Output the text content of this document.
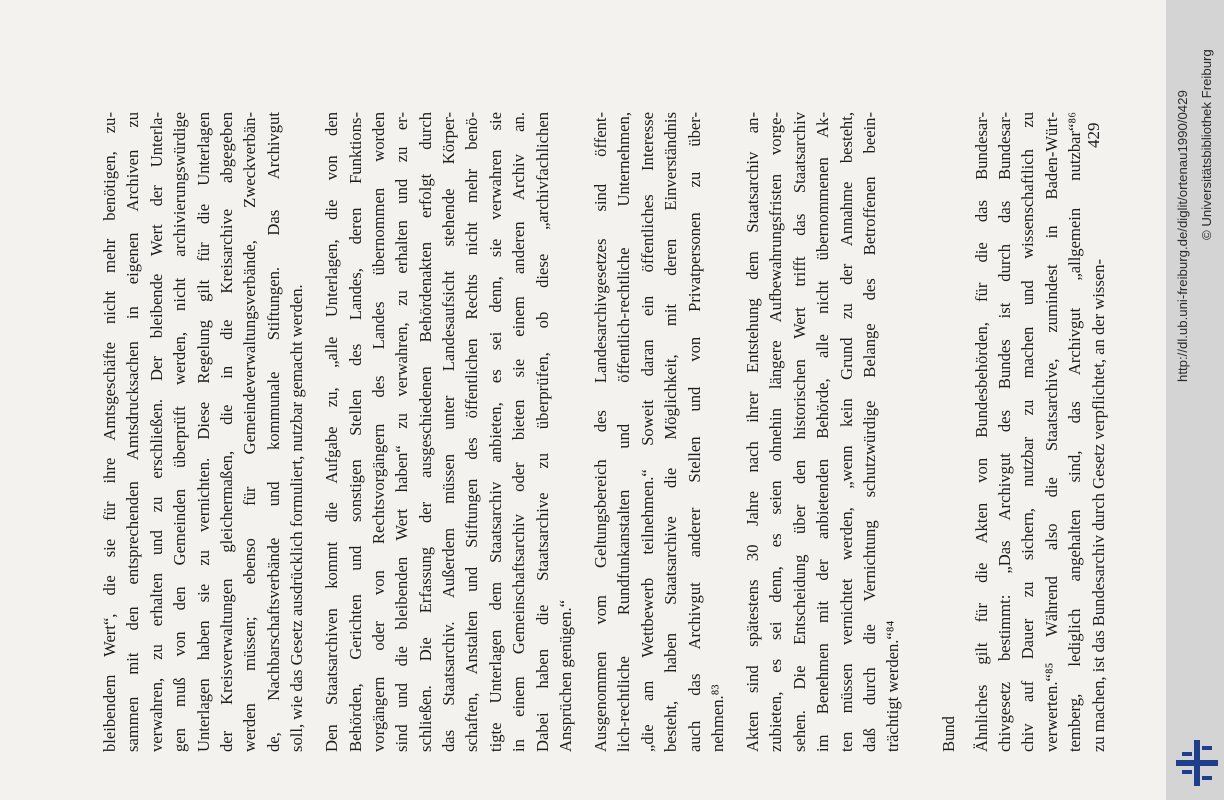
bleibendem Wert“, die sie für ihre Amtsgeschäfte nicht mehr benötigen, zu- sammen mit den entsprechenden Amtsdrucksachen in eigenen Archiven zu verwahren, zu erhalten und zu erschließen. Der bleibende Wert der Unterla- gen muß von den Gemeinden überprüft werden, nicht archivierungswürdige Unterlagen haben sie zu vernichten. Diese Regelung gilt für die Unterlagen der Kreisverwaltungen gleichermaßen, die in die Kreisarchive abgegeben werden müssen; ebenso für Gemeindeverwaltungsverbände, Zweckverbän- de, Nachbarschaftsverbände und kommunale Stiftungen. Das Archivgut soll, wie das Gesetz ausdrücklich formuliert, nutzbar gemacht werden. Den Staatsarchiven kommt die Aufgabe zu, „alle Unterlagen, die von den Behörden, Gerichten und sonstigen Stellen des Landes, deren Funktions- vorgängern oder von Rechtsvorgängern des Landes übernommen worden sind und die bleibenden Wert haben“ zu verwahren, zu erhalten und zu er- schließen. Die Erfassung der ausgeschiedenen Behördenakten erfolgt durch das Staatsarchiv. Außerdem müssen unter Landesaufsicht stehende Körper- schaften, Anstalten und Stiftungen des öffentlichen Rechts nicht mehr benö- tigte Unterlagen dem Staatsarchiv anbieten, es sei denn, sie verwahren sie in einem Gemeinschaftsarchiv oder bieten sie einem anderen Archiv an. Dabei haben die Staatsarchive zu überprüfen, ob diese „archivfachlichen Ansprüchen genügen.“ Ausgenommen vom Geltungsbereich des Landesarchivgesetzes sind öffent- lich-rechtliche Rundfunkanstalten und öffentlich-rechtliche Unternehmen, „die am Wettbewerb teilnehmen.“ Soweit daran ein öffentliches Interesse besteht, haben Staatsarchive die Möglichkeit, mit deren Einverständnis auch das Archivgut anderer Stellen und von Privatpersonen zu über- nehmen.⁸³ Akten sind spätestens 30 Jahre nach ihrer Entstehung dem Staatsarchiv an- zubieten, es sei denn, es seien ohnehin längere Aufbewahrungsfristen vorge- sehen. Die Entscheidung über den historischen Wert trifft das Staatsarchiv im Benehmen mit der anbietenden Behörde, alle nicht übernommenen Ak- ten müssen vernichtet werden, „wenn kein Grund zu der Annahme besteht, daß durch die Vernichtung schutzwürdige Belange des Betroffenen beein- trächtigt werden.“⁸⁴ Bund Ähnliches gilt für die Akten von Bundesbehörden, für die das Bundesar- chivgesetz bestimmt: „Das Archivgut des Bundes ist durch das Bundesar- chiv auf Dauer zu sichern, nutzbar zu machen und wissenschaftlich zu verwerten.“⁸⁵ Während also die Staatsarchive, zumindest in Baden-Würt- temberg, lediglich angehalten sind, das Archivgut „allgemein nutzbar“⁸⁶ zu machen, ist das Bundesarchiv durch Gesetz verpflichtet, an der wissen-
429	http://dl.ub.uni-freiburg.de/diglit/ortenau1990/0429 © Universitätsbibliothek Freiburg
